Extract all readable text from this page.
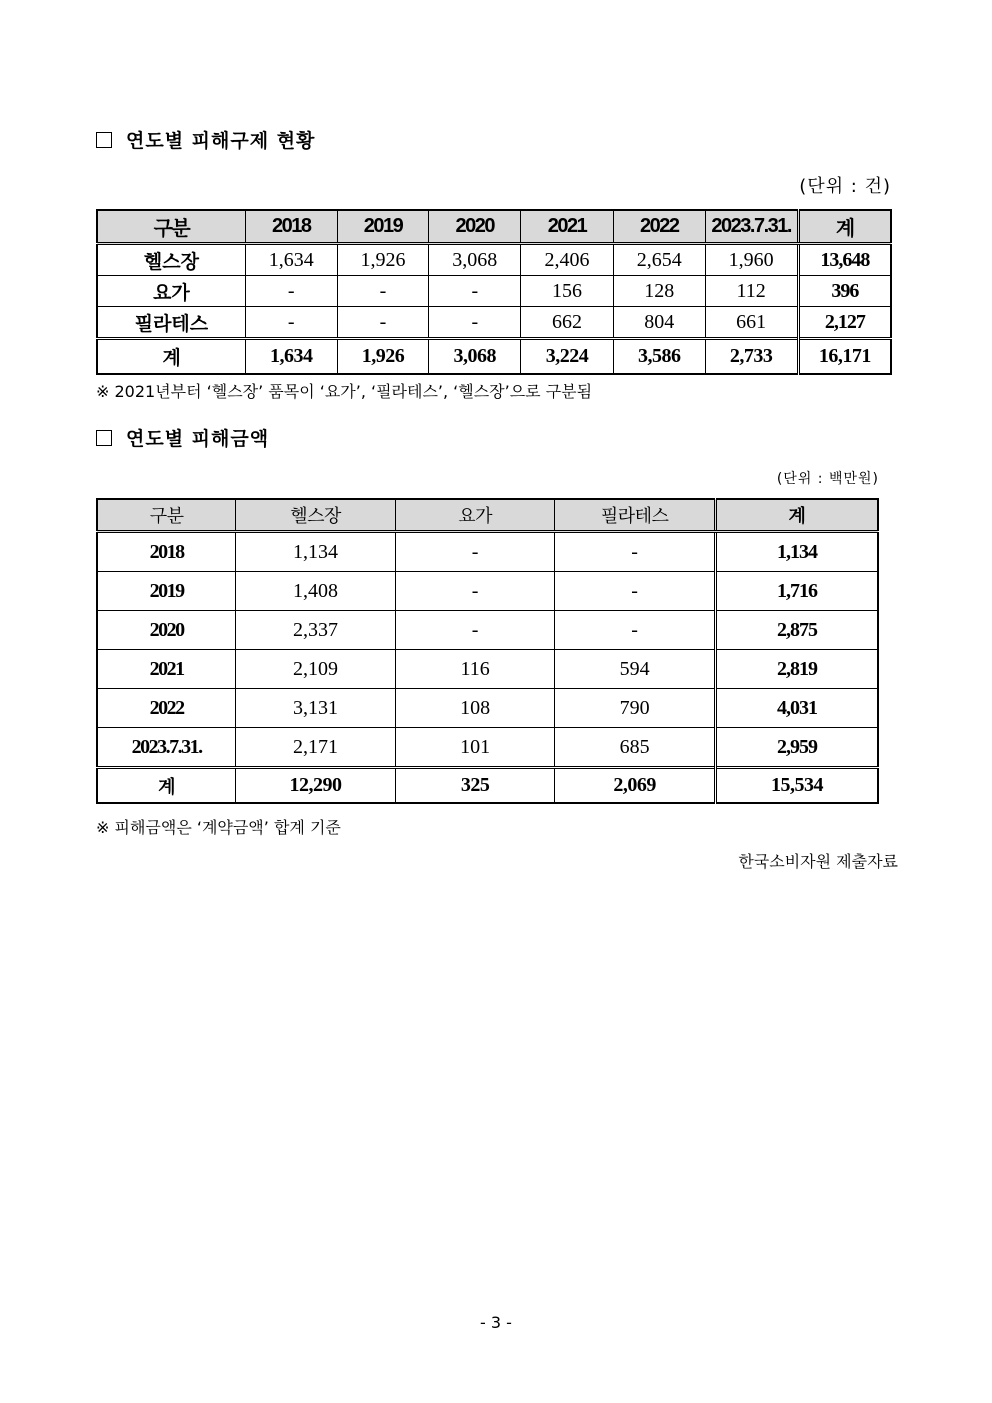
연도별 피해구제 현황
(단위 : 건)
구분	2018	2019	2020	2021	2022	2023.7.31.	계
헬스장	1,634	1,926	3,068	2,406	2,654	1,960	13,648
요가	-	-	-	156	128	112	396
필라테스	-	-	-	662	804	661	2,127
계	1,634	1,926	3,068	3,224	3,586	2,733	16,171
※ 2021년부터 ‘헬스장’ 품목이 ‘요가’, ‘필라테스’, ‘헬스장’으로 구분됨
연도별 피해금액
(단위 : 백만원)
구분	헬스장	요가	필라테스	계
2018	1,134	-	-	1,134
2019	1,408	-	-	1,716
2020	2,337	-	-	2,875
2021	2,109	116	594	2,819
2022	3,131	108	790	4,031
2023.7.31.	2,171	101	685	2,959
계	12,290	325	2,069	15,534
※ 피해금액은 ‘계약금액’ 합계 기준
한국소비자원 제출자료
- 3 -
